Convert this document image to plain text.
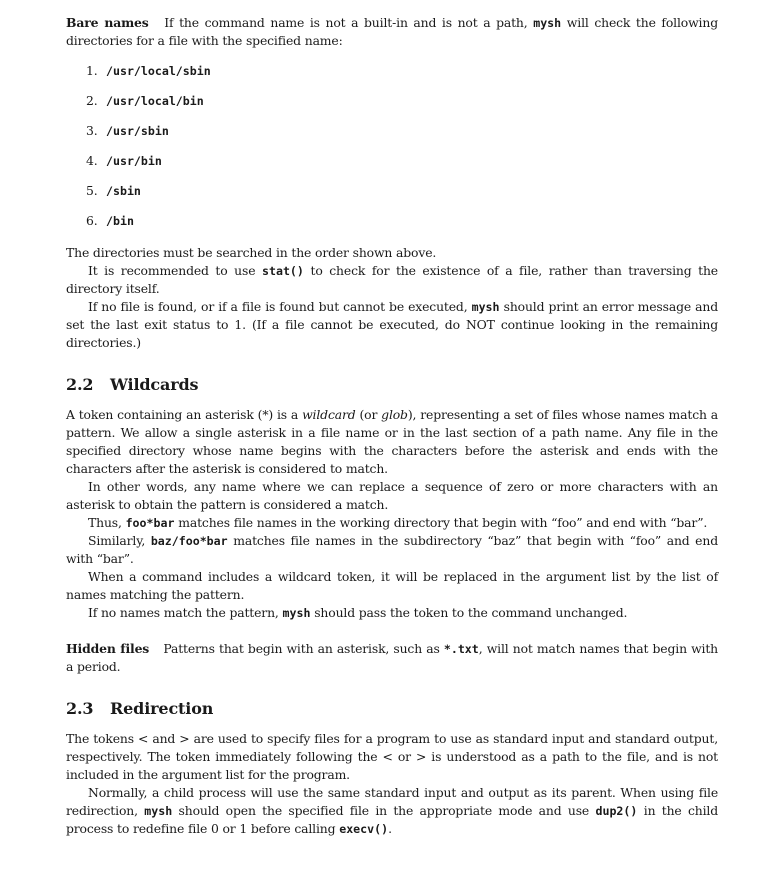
Bare names If the command name is not a built-in and is not a path, mysh will check the following directories for a file with the specified name:

1. /usr/local/sbin
2. /usr/local/bin
3. /usr/sbin
4. /usr/bin
5. /sbin
6. /bin

The directories must be searched in the order shown above.

It is recommended to use stat() to check for the existence of a file, rather than traversing the directory itself.

If no file is found, or if a file is found but cannot be executed, mysh should print an error message and set the last exit status to 1. (If a file cannot be executed, do NOT continue looking in the remaining directories.)

2.2 Wildcards

A token containing an asterisk (*) is a wildcard (or glob), representing a set of files whose names match a pattern. We allow a single asterisk in a file name or in the last section of a path name. Any file in the specified directory whose name begins with the characters before the asterisk and ends with the characters after the asterisk is considered to match.

In other words, any name where we can replace a sequence of zero or more characters with an asterisk to obtain the pattern is considered a match.

Thus, foo*bar matches file names in the working directory that begin with “foo” and end with “bar”.

Similarly, baz/foo*bar matches file names in the subdirectory “baz” that begin with “foo” and end with “bar”.

When a command includes a wildcard token, it will be replaced in the argument list by the list of names matching the pattern.

If no names match the pattern, mysh should pass the token to the command unchanged.

Hidden files Patterns that begin with an asterisk, such as *.txt, will not match names that begin with a period.

2.3 Redirection

The tokens < and > are used to specify files for a program to use as standard input and standard output, respectively. The token immediately following the < or > is understood as a path to the file, and is not included in the argument list for the program.

Normally, a child process will use the same standard input and output as its parent. When using file redirection, mysh should open the specified file in the appropriate mode and use dup2() in the child process to redefine file 0 or 1 before calling execv().
